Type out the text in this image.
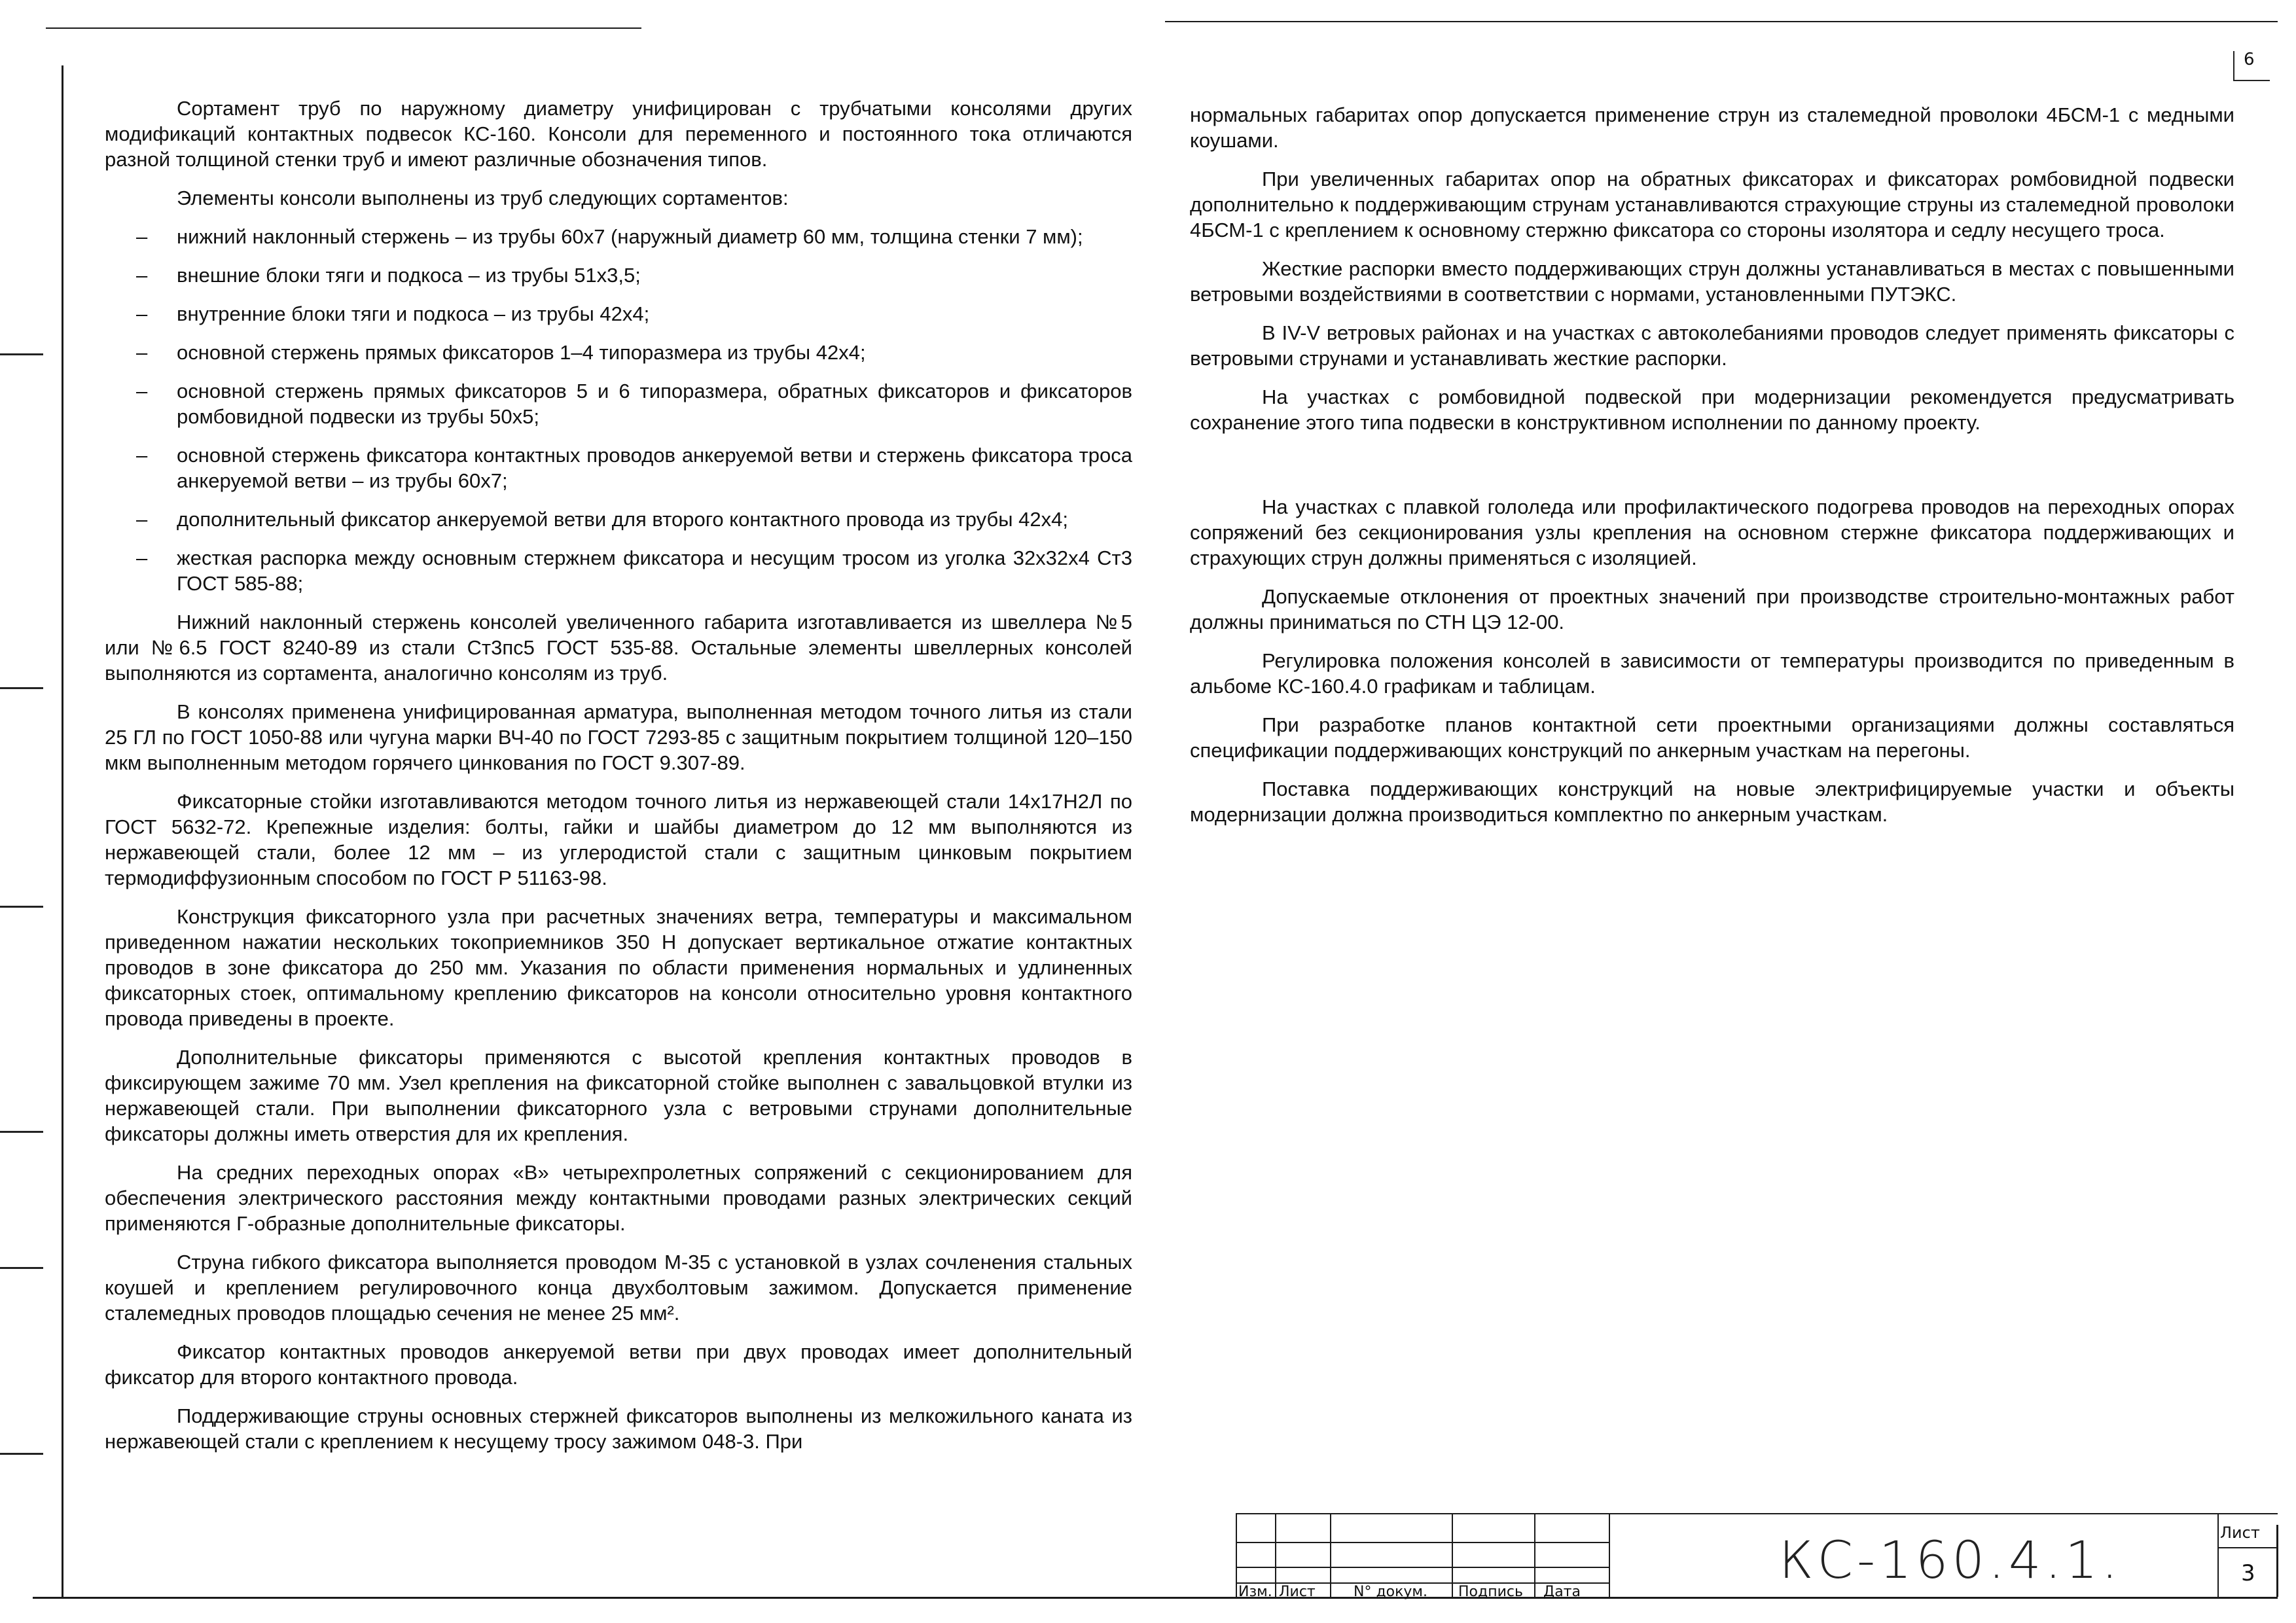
6

Сортамент труб по наружному диаметру унифицирован с трубчатыми консолями других модификаций контактных подвесок КС-160. Консоли для переменного и постоянного тока отличаются разной толщиной стенки труб и имеют различные обозначения типов.

Элементы консоли выполнены из труб следующих сортаментов:

– нижний наклонный стержень – из трубы 60х7 (наружный диаметр 60 мм, толщина стенки 7 мм);
– внешние блоки тяги и подкоса – из трубы 51х3,5;
– внутренние блоки тяги и подкоса – из трубы 42х4;
– основной стержень прямых фиксаторов 1–4 типоразмера из трубы 42х4;
– основной стержень прямых фиксаторов 5 и 6 типоразмера, обратных фиксаторов и фиксаторов ромбовидной подвески из трубы 50х5;
– основной стержень фиксатора контактных проводов анкеруемой ветви и стержень фиксатора троса анкеруемой ветви – из трубы 60х7;
– дополнительный фиксатор анкеруемой ветви для второго контактного провода из трубы 42х4;
– жесткая распорка между основным стержнем фиксатора и несущим тросом из уголка 32х32х4 Ст3 ГОСТ 585-88;

Нижний наклонный стержень консолей увеличенного габарита изготавливается из швеллера №5 или №6.5 ГОСТ 8240-89 из стали Ст3пс5 ГОСТ 535-88. Остальные элементы швеллерных консолей выполняются из сортамента, аналогично консолям из труб.

В консолях применена унифицированная арматура, выполненная методом точного литья из стали 25 ГЛ по ГОСТ 1050-88 или чугуна марки ВЧ-40 по ГОСТ 7293-85 с защитным покрытием толщиной 120–150 мкм выполненным методом горячего цинкования по ГОСТ 9.307-89.

Фиксаторные стойки изготавливаются методом точного литья из нержавеющей стали 14х17Н2Л по ГОСТ 5632-72. Крепежные изделия: болты, гайки и шайбы диаметром до 12 мм выполняются из нержавеющей стали, более 12 мм – из углеродистой стали с защитным цинковым покрытием термодиффузионным способом по ГОСТ Р 51163-98.

Конструкция фиксаторного узла при расчетных значениях ветра, температуры и максимальном приведенном нажатии нескольких токоприемников 350 Н допускает вертикальное отжатие контактных проводов в зоне фиксатора до 250 мм. Указания по области применения нормальных и удлиненных фиксаторных стоек, оптимальному креплению фиксаторов на консоли относительно уровня контактного провода приведены в проекте.

Дополнительные фиксаторы применяются с высотой крепления контактных проводов в фиксирующем зажиме 70 мм. Узел крепления на фиксаторной стойке выполнен с завальцовкой втулки из нержавеющей стали. При выполнении фиксаторного узла с ветровыми струнами дополнительные фиксаторы должны иметь отверстия для их крепления.

На средних переходных опорах «В» четырехпролетных сопряжений с секционированием для обеспечения электрического расстояния между контактными проводами разных электрических секций применяются Г-образные дополнительные фиксаторы.

Струна гибкого фиксатора выполняется проводом М-35 с установкой в узлах сочленения стальных коушей и креплением регулировочного конца двухболтовым зажимом. Допускается применение сталемедных проводов площадью сечения не менее 25 мм².

Фиксатор контактных проводов анкеруемой ветви при двух проводах имеет дополнительный фиксатор для второго контактного провода.

Поддерживающие струны основных стержней фиксаторов выполнены из мелкожильного каната из нержавеющей стали с креплением к несущему тросу зажимом 048-3. При

нормальных габаритах опор допускается применение струн из сталемедной проволоки 4БСМ-1 с медными коушами.

При увеличенных габаритах опор на обратных фиксаторах и фиксаторах ромбовидной подвески дополнительно к поддерживающим струнам устанавливаются страхующие струны из сталемедной проволоки 4БСМ-1 с креплением к основному стержню фиксатора со стороны изолятора и седлу несущего троса.

Жесткие распорки вместо поддерживающих струн должны устанавливаться в местах с повышенными ветровыми воздействиями в соответствии с нормами, установленными ПУТЭКС.

В IV-V ветровых районах и на участках с автоколебаниями проводов следует применять фиксаторы с ветровыми струнами и устанавливать жесткие распорки.

На участках с ромбовидной подвеской при модернизации рекомендуется предусматривать сохранение этого типа подвески в конструктивном исполнении по данному проекту.

На участках с плавкой гололеда или профилактического подогрева проводов на переходных опорах сопряжений без секционирования узлы крепления на основном стержне фиксатора поддерживающих и страхующих струн должны применяться с изоляцией.

Допускаемые отклонения от проектных значений при производстве строительно-монтажных работ должны приниматься по СТН ЦЭ 12-00.

Регулировка положения консолей в зависимости от температуры производится по приведенным в альбоме КС-160.4.0 графикам и таблицам.

При разработке планов контактной сети проектными организациями должны составляться спецификации поддерживающих конструкций по анкерным участкам на перегоны.

Поставка поддерживающих конструкций на новые электрифицируемые участки и объекты модернизации должна производиться комплектно по анкерным участкам.

Изм. Лист	N° докум. Подпись Дата
КС-160.4.1.	Лист
3
